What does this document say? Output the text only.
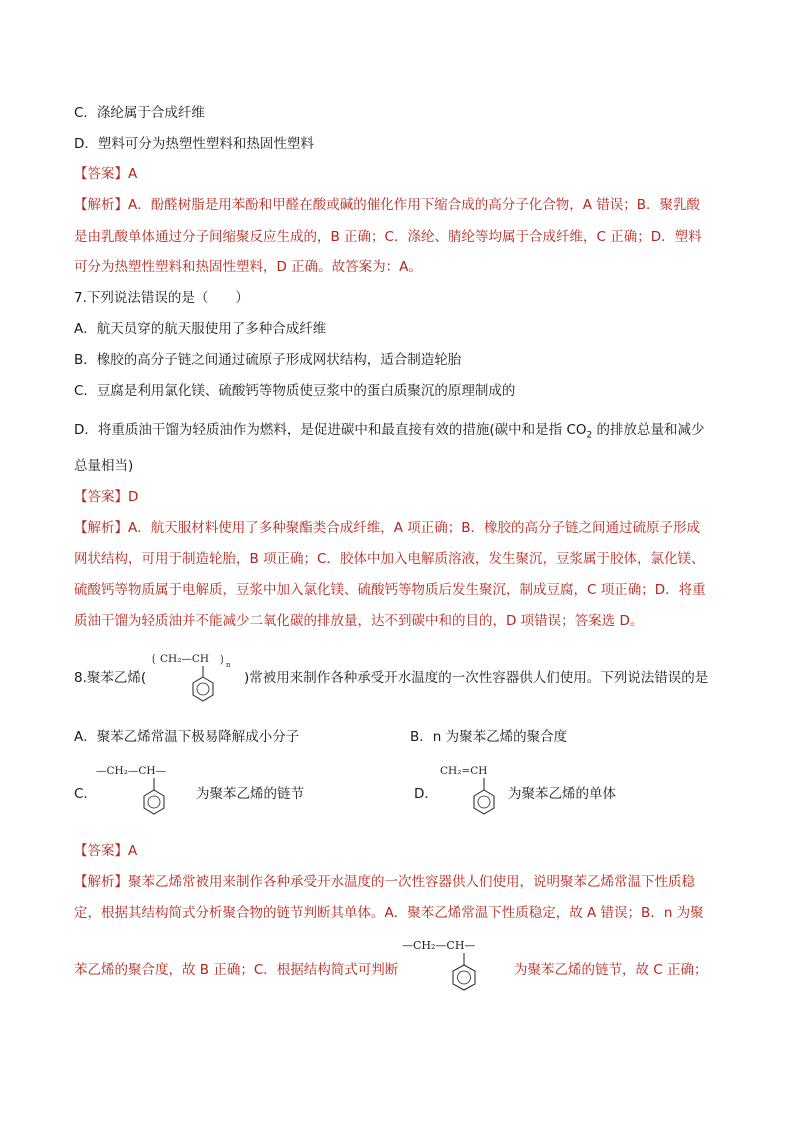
C．涤纶属于合成纤维
D．塑料可分为热塑性塑料和热固性塑料
【答案】A
【解析】A．酚醛树脂是用苯酚和甲醛在酸或碱的催化作用下缩合成的高分子化合物，A 错误；B．聚乳酸
是由乳酸单体通过分子间缩聚反应生成的，B 正确；C．涤纶、腈纶等均属于合成纤维，C 正确；D．塑料
可分为热塑性塑料和热固性塑料，D 正确。故答案为：A。
7.下列说法错误的是（　　）
A．航天员穿的航天服使用了多种合成纤维
B．橡胶的高分子链之间通过硫原子形成网状结构，适合制造轮胎
C．豆腐是利用氯化镁、硫酸钙等物质使豆浆中的蛋白质聚沉的原理制成的
D．将重质油干馏为轻质油作为燃料，是促进碳中和最直接有效的措施(碳中和是指 $CO_2$ 的排放总量和减少
总量相当)
【答案】D
【解析】A．航天服材料使用了多种聚酯类合成纤维，A 项正确；B．橡胶的高分子链之间通过硫原子形成
网状结构，可用于制造轮胎，B 项正确；C．胶体中加入电解质溶液，发生聚沉，豆浆属于胶体，氯化镁、
硫酸钙等物质属于电解质，豆浆中加入氯化镁、硫酸钙等物质后发生聚沉，制成豆腐，C 项正确；D．将重
质油干馏为轻质油并不能减少二氧化碳的排放量，达不到碳中和的目的，D 项错误；答案选 D。
8.聚苯乙烯(
⟮ CH₂—CH ⟯ n
)常被用来制作各种承受开水温度的一次性容器供人们使用。下列说法错误的是
A．聚苯乙烯常温下极易降解成小分子	B．n 为聚苯乙烯的聚合度
C．
—CH₂—CH—
为聚苯乙烯的链节	D．
CH₂=CH
为聚苯乙烯的单体
【答案】A
【解析】聚苯乙烯常被用来制作各种承受开水温度的一次性容器供人们使用，说明聚苯乙烯常温下性质稳
定，根据其结构简式分析聚合物的链节判断其单体。A．聚苯乙烯常温下性质稳定，故 A 错误；B．n 为聚
苯乙烯的聚合度，故 B 正确；C．根据结构简式可判断
—CH₂—CH—
为聚苯乙烯的链节，故 C 正确；
